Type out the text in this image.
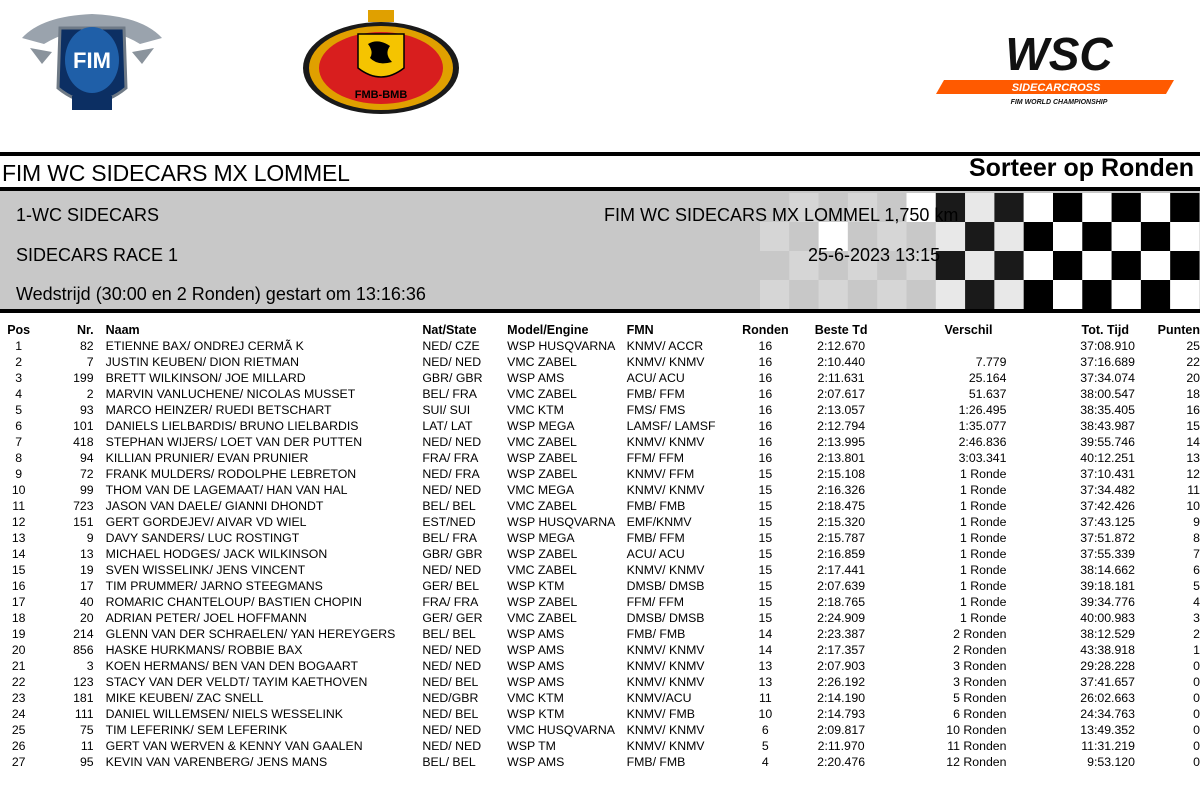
FIM
FMB-BMB
WSC
SIDECARCROSS
FIM WORLD CHAMPIONSHIP
FIM WC SIDECARS MX LOMMEL	Sorteer op Ronden
1-WC SIDECARS	FIM WC SIDECARS MX LOMMEL 1,750 km
SIDECARS RACE 1	25-6-2023 13:15
Wedstrijd (30:00 en 2 Ronden) gestart om 13:16:36
Pos	Nr.	Naam	Nat/State	Model/Engine	FMN	Ronden	Beste Td	Verschil	Tot. Tijd	Punten
1	82	ETIENNE BAX/ ONDREJ CERMÃ K	NED/ CZE	WSP HUSQVARNA	KNMV/ ACCR	16	2:12.670		37:08.910	25
2	7	JUSTIN KEUBEN/ DION RIETMAN	NED/ NED	VMC ZABEL	KNMV/ KNMV	16	2:10.440	7.779	37:16.689	22
3	199	BRETT WILKINSON/ JOE MILLARD	GBR/ GBR	WSP AMS	ACU/ ACU	16	2:11.631	25.164	37:34.074	20
4	2	MARVIN VANLUCHENE/ NICOLAS MUSSET	BEL/ FRA	VMC ZABEL	FMB/ FFM	16	2:07.617	51.637	38:00.547	18
5	93	MARCO HEINZER/ RUEDI BETSCHART	SUI/ SUI	VMC KTM	FMS/ FMS	16	2:13.057	1:26.495	38:35.405	16
6	101	DANIELS LIELBARDIS/ BRUNO LIELBARDIS	LAT/ LAT	WSP MEGA	LAMSF/ LAMSF	16	2:12.794	1:35.077	38:43.987	15
7	418	STEPHAN WIJERS/ LOET VAN DER PUTTEN	NED/ NED	VMC ZABEL	KNMV/ KNMV	16	2:13.995	2:46.836	39:55.746	14
8	94	KILLIAN PRUNIER/ EVAN PRUNIER	FRA/ FRA	WSP ZABEL	FFM/ FFM	16	2:13.801	3:03.341	40:12.251	13
9	72	FRANK MULDERS/ RODOLPHE LEBRETON	NED/ FRA	WSP ZABEL	KNMV/ FFM	15	2:15.108	1 Ronde	37:10.431	12
10	99	THOM VAN DE LAGEMAAT/ HAN VAN HAL	NED/ NED	VMC MEGA	KNMV/ KNMV	15	2:16.326	1 Ronde	37:34.482	11
11	723	JASON VAN DAELE/ GIANNI DHONDT	BEL/ BEL	VMC ZABEL	FMB/ FMB	15	2:18.475	1 Ronde	37:42.426	10
12	151	GERT GORDEJEV/ AIVAR VD WIEL	EST/NED	WSP HUSQVARNA	EMF/KNMV	15	2:15.320	1 Ronde	37:43.125	9
13	9	DAVY SANDERS/ LUC ROSTINGT	BEL/ FRA	WSP MEGA	FMB/ FFM	15	2:15.787	1 Ronde	37:51.872	8
14	13	MICHAEL HODGES/ JACK WILKINSON	GBR/ GBR	WSP ZABEL	ACU/ ACU	15	2:16.859	1 Ronde	37:55.339	7
15	19	SVEN WISSELINK/ JENS VINCENT	NED/ NED	VMC ZABEL	KNMV/ KNMV	15	2:17.441	1 Ronde	38:14.662	6
16	17	TIM PRUMMER/ JARNO STEEGMANS	GER/ BEL	WSP KTM	DMSB/ DMSB	15	2:07.639	1 Ronde	39:18.181	5
17	40	ROMARIC CHANTELOUP/ BASTIEN CHOPIN	FRA/ FRA	WSP ZABEL	FFM/ FFM	15	2:18.765	1 Ronde	39:34.776	4
18	20	ADRIAN PETER/ JOEL HOFFMANN	GER/ GER	VMC ZABEL	DMSB/ DMSB	15	2:24.909	1 Ronde	40:00.983	3
19	214	GLENN VAN DER SCHRAELEN/ YAN HEREYGERS	BEL/ BEL	WSP AMS	FMB/ FMB	14	2:23.387	2 Ronden	38:12.529	2
20	856	HASKE HURKMANS/ ROBBIE BAX	NED/ NED	WSP AMS	KNMV/ KNMV	14	2:17.357	2 Ronden	43:38.918	1
21	3	KOEN HERMANS/ BEN VAN DEN BOGAART	NED/ NED	WSP AMS	KNMV/ KNMV	13	2:07.903	3 Ronden	29:28.228	0
22	123	STACY VAN DER VELDT/ TAYIM KAETHOVEN	NED/ BEL	WSP AMS	KNMV/ KNMV	13	2:26.192	3 Ronden	37:41.657	0
23	181	MIKE KEUBEN/ ZAC SNELL	NED/GBR	VMC KTM	KNMV/ACU	11	2:14.190	5 Ronden	26:02.663	0
24	111	DANIEL WILLEMSEN/ NIELS WESSELINK	NED/ BEL	WSP KTM	KNMV/ FMB	10	2:14.793	6 Ronden	24:34.763	0
25	75	TIM LEFERINK/ SEM LEFERINK	NED/ NED	VMC HUSQVARNA	KNMV/ KNMV	6	2:09.817	10 Ronden	13:49.352	0
26	11	GERT VAN WERVEN & KENNY VAN GAALEN	NED/ NED	WSP TM	KNMV/ KNMV	5	2:11.970	11 Ronden	11:31.219	0
27	95	KEVIN VAN VARENBERG/ JENS MANS	BEL/ BEL	WSP AMS	FMB/ FMB	4	2:20.476	12 Ronden	9:53.120	0
